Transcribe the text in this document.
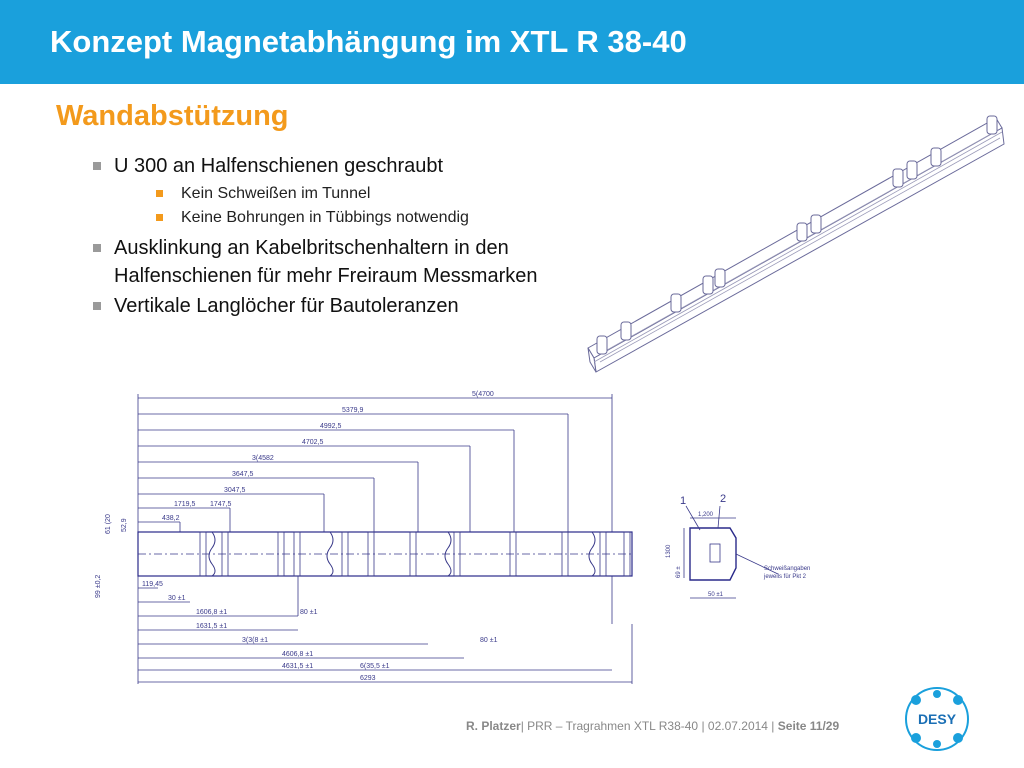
Konzept Magnetabhängung im XTL R 38-40
Wandabstützung
U 300 an Halfenschienen geschraubt
Kein Schweißen im Tunnel
Keine Bohrungen in Tübbings notwendig
Ausklinkung an Kabelbritschenhaltern in den Halfenschienen für mehr Freiraum Messmarken
Vertikale Langlöcher für Bautoleranzen
5(4700
5379,9
4992,5
4702,5
3(4582
3647,5
3047,5
1747,5
1719,5
438,2
119,45
30 ±1
1606,8 ±1
1631,5 ±1
80 ±1
3(3(8 ±1
4606,8 ±1
80 ±1
4631,5 ±1	6(35,5 ±1
6293
61 (20 52,9
99 ±0,2
1	2
1,200
1300
69 ±
50 ±1
Schweißangaben
jeweils für Pkt 2
R. Platzer| PRR – Tragrahmen XTL R38-40 | 02.07.2014 | Seite 11/29	DESY
